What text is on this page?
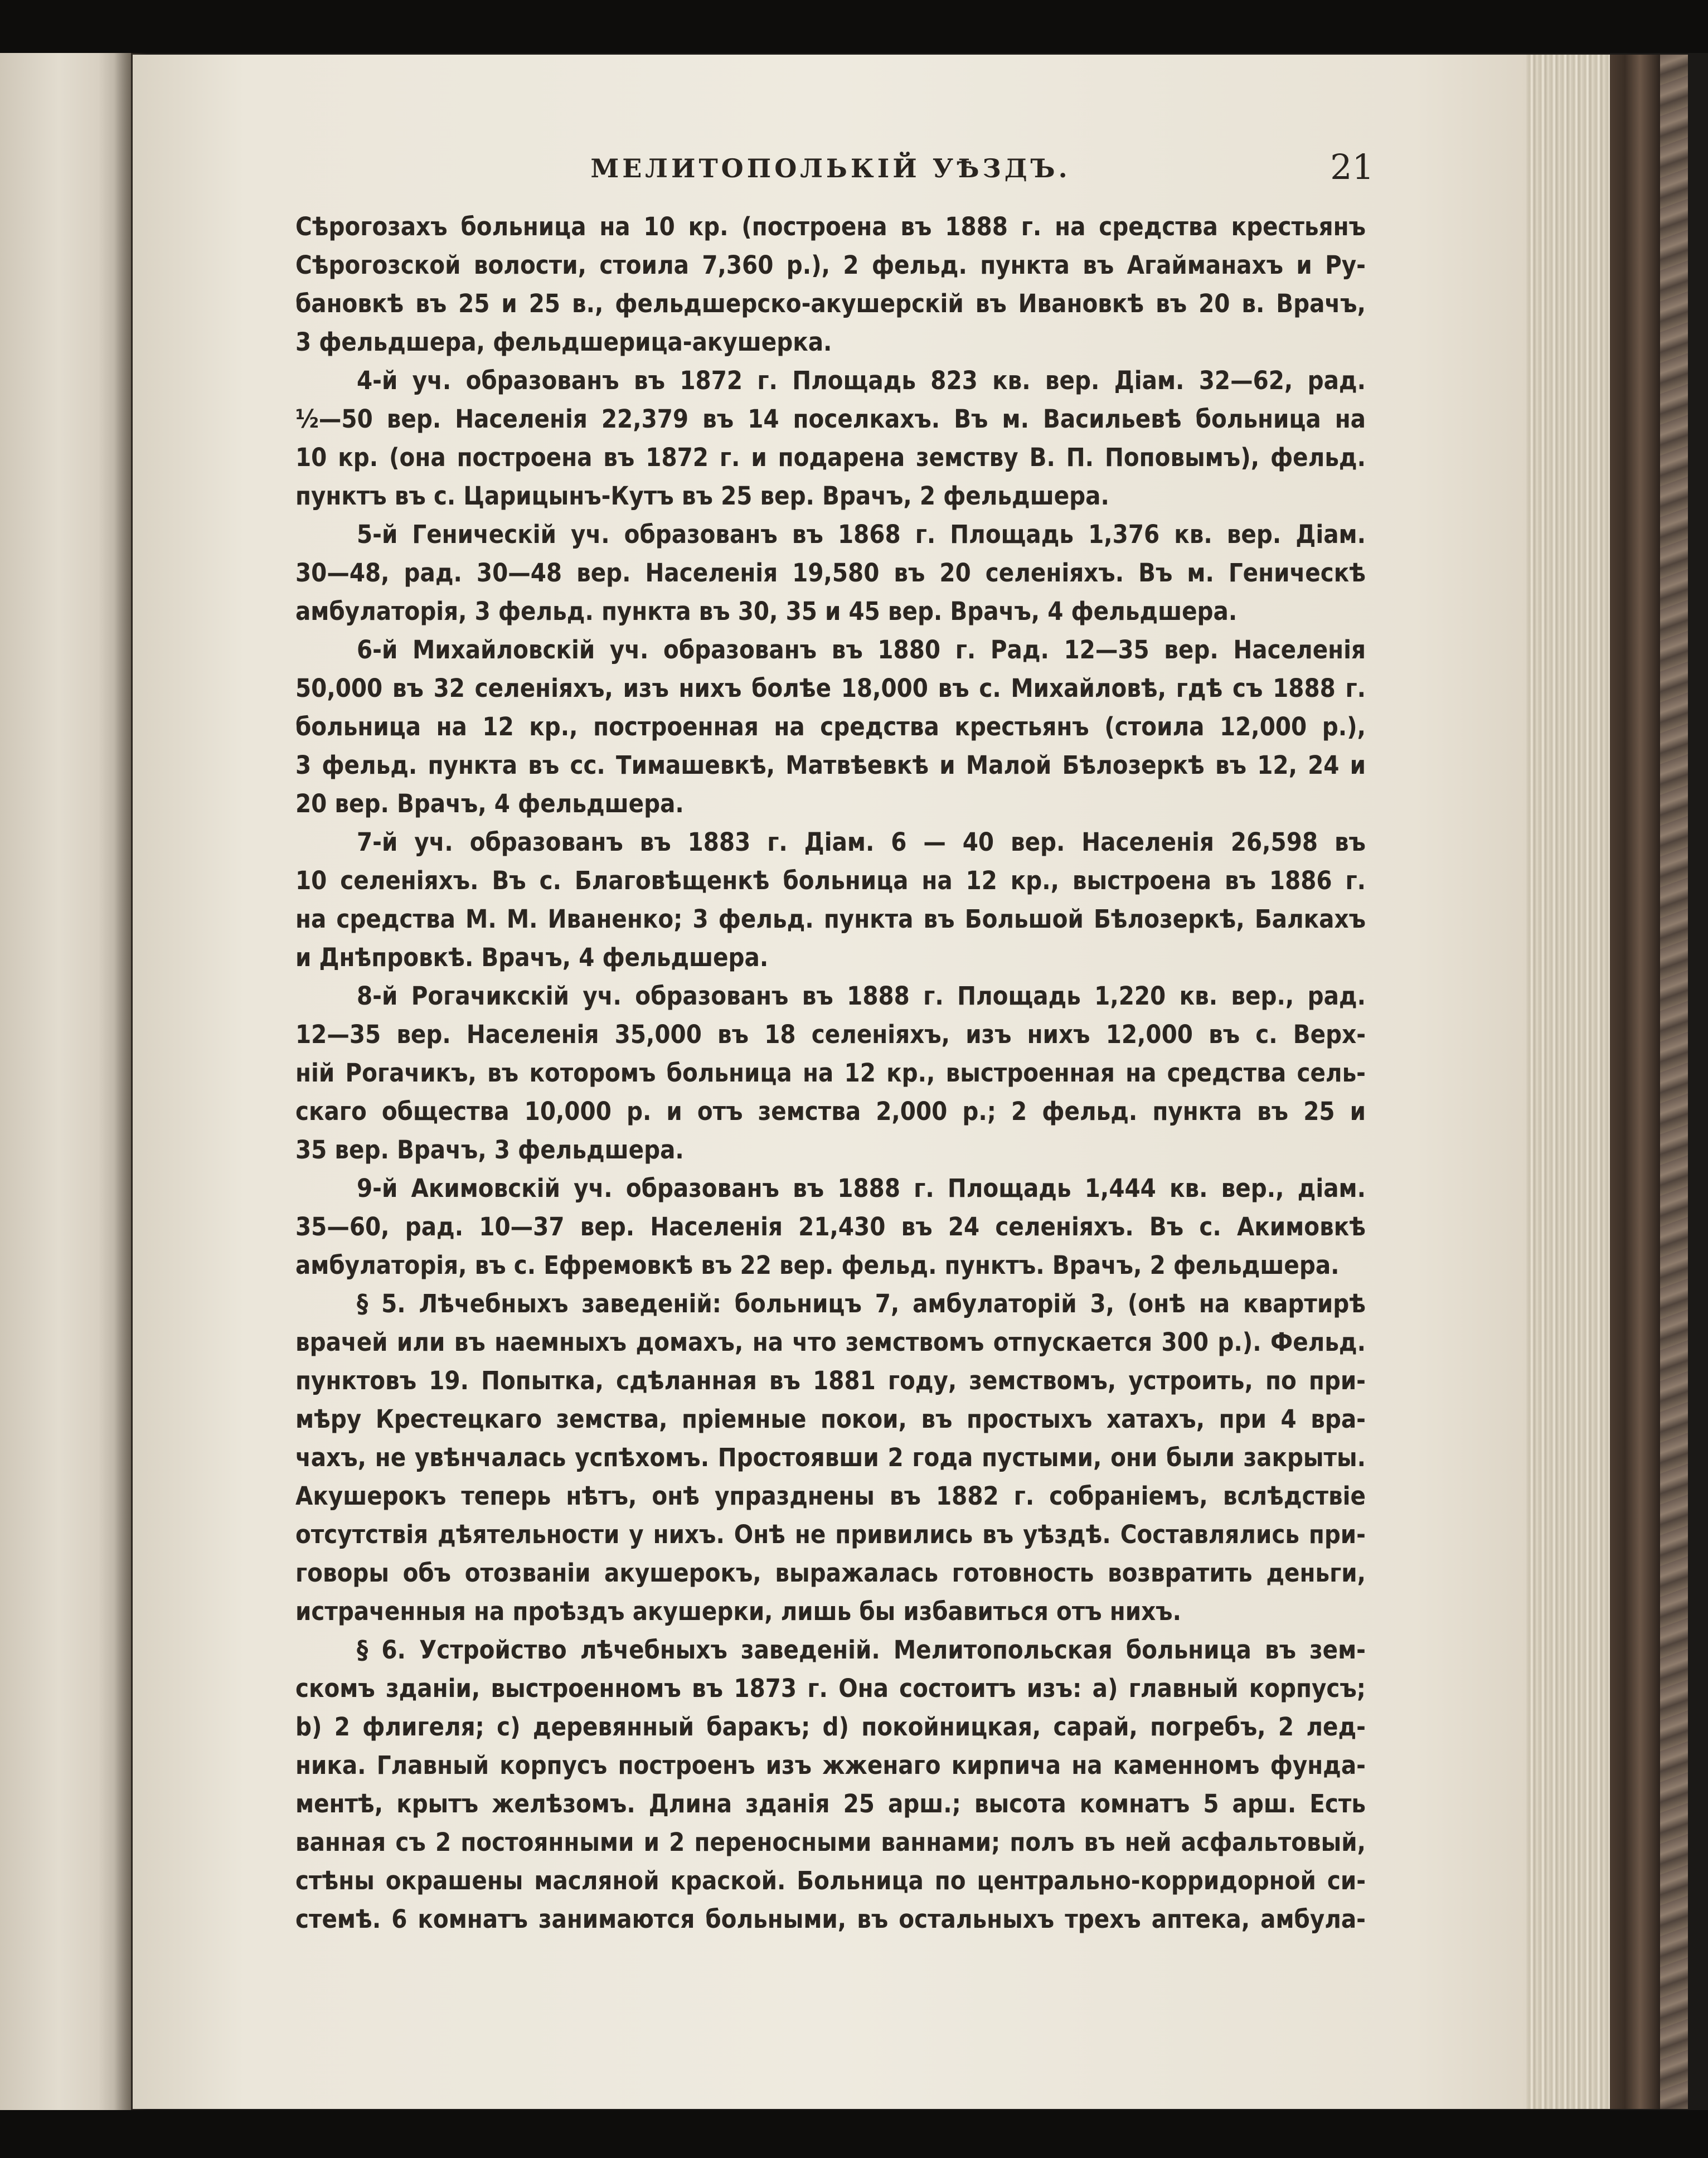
МЕЛИТОПОЛЬКІЙ УѢЗДЪ.	21
Сѣрогозахъ больница на 10 кр. (построена въ 1888 г. на средства крестьянъ
Сѣрогозской волости, стоила 7,360 р.), 2 фельд. пункта въ Агайманахъ и Ру-
бановкѣ въ 25 и 25 в., фельдшерско-акушерскій въ Ивановкѣ въ 20 в. Врачъ,
3 фельдшера, фельдшерица-акушерка.
4-й уч. образованъ въ 1872 г. Площадь 823 кв. вер. Діам. 32—62, рад.
½—50 вер. Населенія 22,379 въ 14 поселкахъ. Въ м. Васильевѣ больница на
10 кр. (она построена въ 1872 г. и подарена земству В. П. Поповымъ), фельд.
пунктъ въ с. Царицынъ-Кутъ въ 25 вер. Врачъ, 2 фельдшера.
5-й Геническій уч. образованъ въ 1868 г. Площадь 1,376 кв. вер. Діам.
30—48, рад. 30—48 вер. Населенія 19,580 въ 20 селеніяхъ. Въ м. Геническѣ
амбулаторія, 3 фельд. пункта въ 30, 35 и 45 вер. Врачъ, 4 фельдшера.
6-й Михайловскій уч. образованъ въ 1880 г. Рад. 12—35 вер. Населенія
50,000 въ 32 селеніяхъ, изъ нихъ болѣе 18,000 въ с. Михайловѣ, гдѣ съ 1888 г.
больница на 12 кр., построенная на средства крестьянъ (стоила 12,000 р.),
3 фельд. пункта въ сс. Тимашевкѣ, Матвѣевкѣ и Малой Бѣлозеркѣ въ 12, 24 и
20 вер. Врачъ, 4 фельдшера.
7-й уч. образованъ въ 1883 г. Діам. 6 — 40 вер. Населенія 26,598 въ
10 селеніяхъ. Въ с. Благовѣщенкѣ больница на 12 кр., выстроена въ 1886 г.
на средства М. М. Иваненко; 3 фельд. пункта въ Большой Бѣлозеркѣ, Балкахъ
и Днѣпровкѣ. Врачъ, 4 фельдшера.
8-й Рогачикскій уч. образованъ въ 1888 г. Площадь 1,220 кв. вер., рад.
12—35 вер. Населенія 35,000 въ 18 селеніяхъ, изъ нихъ 12,000 въ с. Верх-
ній Рогачикъ, въ которомъ больница на 12 кр., выстроенная на средства сель-
скаго общества 10,000 р. и отъ земства 2,000 р.; 2 фельд. пункта въ 25 и
35 вер. Врачъ, 3 фельдшера.
9-й Акимовскій уч. образованъ въ 1888 г. Площадь 1,444 кв. вер., діам.
35—60, рад. 10—37 вер. Населенія 21,430 въ 24 селеніяхъ. Въ с. Акимовкѣ
амбулаторія, въ с. Ефремовкѣ въ 22 вер. фельд. пунктъ. Врачъ, 2 фельдшера.
§ 5. Лѣчебныхъ заведеній: больницъ 7, амбулаторій 3, (онѣ на квартирѣ
врачей или въ наемныхъ домахъ, на что земствомъ отпускается 300 р.). Фельд.
пунктовъ 19. Попытка, сдѣланная въ 1881 году, земствомъ, устроить, по при-
мѣру Крестецкаго земства, пріемные покои, въ простыхъ хатахъ, при 4 вра-
чахъ, не увѣнчалась успѣхомъ. Простоявши 2 года пустыми, они были закрыты.
Акушерокъ теперь нѣтъ, онѣ упразднены въ 1882 г. собраніемъ, вслѣдствіе
отсутствія дѣятельности у нихъ. Онѣ не привились въ уѣздѣ. Составлялись при-
говоры объ отозваніи акушерокъ, выражалась готовность возвратить деньги,
истраченныя на проѣздъ акушерки, лишь бы избавиться отъ нихъ.
§ 6. Устройство лѣчебныхъ заведеній. Мелитопольская больница въ зем-
скомъ зданіи, выстроенномъ въ 1873 г. Она состоитъ изъ: a) главный корпусъ;
b) 2 флигеля; c) деревянный баракъ; d) покойницкая, сарай, погребъ, 2 лед-
ника. Главный корпусъ построенъ изъ жженаго кирпича на каменномъ фунда-
ментѣ, крытъ желѣзомъ. Длина зданія 25 арш.; высота комнатъ 5 арш. Есть
ванная съ 2 постоянными и 2 переносными ваннами; полъ въ ней асфальтовый,
стѣны окрашены масляной краской. Больница по центрально-корридорной си-
стемѣ. 6 комнатъ занимаются больными, въ остальныхъ трехъ аптека, амбула-
